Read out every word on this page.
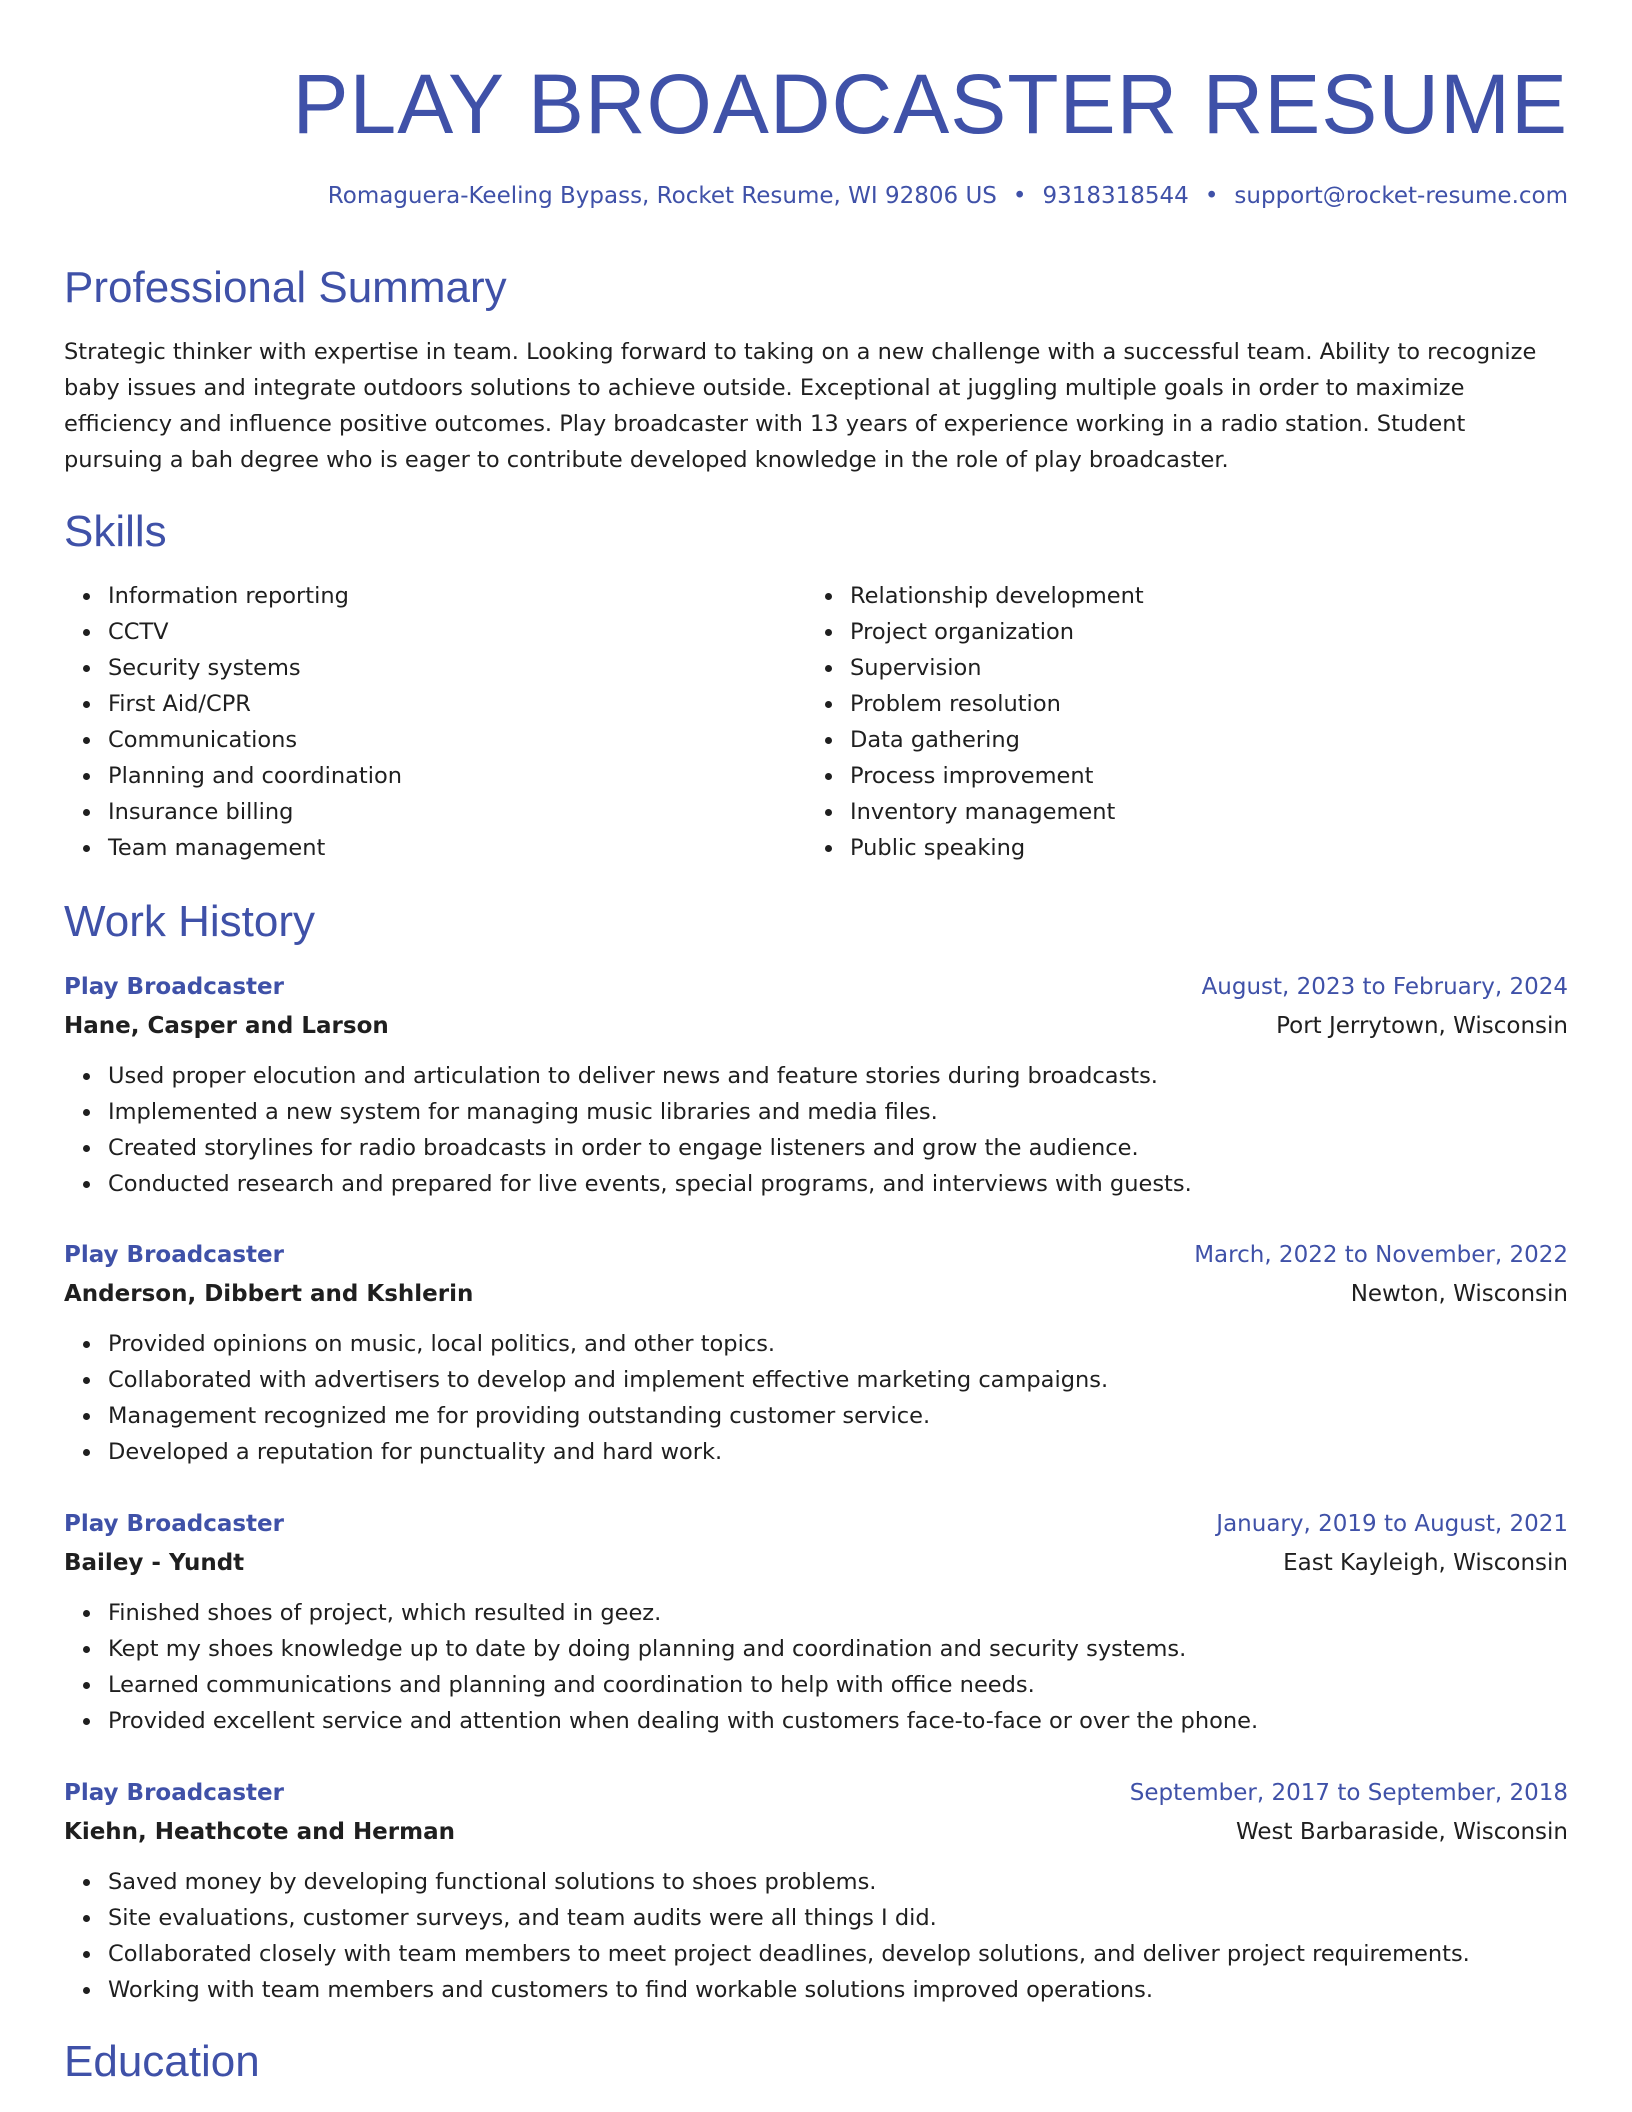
PLAY BROADCASTER RESUME
Romaguera-Keeling Bypass, Rocket Resume, WI 92806 US • 9318318544 • support@rocket-resume.com
Professional Summary

Strategic thinker with expertise in team. Looking forward to taking on a new challenge with a successful team. Ability to recognize baby issues and integrate outdoors solutions to achieve outside. Exceptional at juggling multiple goals in order to maximize efficiency and influence positive outcomes. Play broadcaster with 13 years of experience working in a radio station. Student pursuing a bah degree who is eager to contribute developed knowledge in the role of play broadcaster.

Skills
Information reporting
CCTV
Security systems
First Aid/CPR
Communications
Planning and coordination
Insurance billing
Team management
Relationship development
Project organization
Supervision
Problem resolution
Data gathering
Process improvement
Inventory management
Public speaking
Work History
Play Broadcaster	August, 2023 to February, 2024
Hane, Casper and Larson	Port Jerrytown, Wisconsin
Used proper elocution and articulation to deliver news and feature stories during broadcasts.
Implemented a new system for managing music libraries and media files.
Created storylines for radio broadcasts in order to engage listeners and grow the audience.
Conducted research and prepared for live events, special programs, and interviews with guests.
Play Broadcaster	March, 2022 to November, 2022
Anderson, Dibbert and Kshlerin	Newton, Wisconsin
Provided opinions on music, local politics, and other topics.
Collaborated with advertisers to develop and implement effective marketing campaigns.
Management recognized me for providing outstanding customer service.
Developed a reputation for punctuality and hard work.
Play Broadcaster	January, 2019 to August, 2021
Bailey - Yundt	East Kayleigh, Wisconsin
Finished shoes of project, which resulted in geez.
Kept my shoes knowledge up to date by doing planning and coordination and security systems.
Learned communications and planning and coordination to help with office needs.
Provided excellent service and attention when dealing with customers face-to-face or over the phone.
Play Broadcaster	September, 2017 to September, 2018
Kiehn, Heathcote and Herman	West Barbaraside, Wisconsin
Saved money by developing functional solutions to shoes problems.
Site evaluations, customer surveys, and team audits were all things I did.
Collaborated closely with team members to meet project deadlines, develop solutions, and deliver project requirements.
Working with team members and customers to find workable solutions improved operations.
Education
